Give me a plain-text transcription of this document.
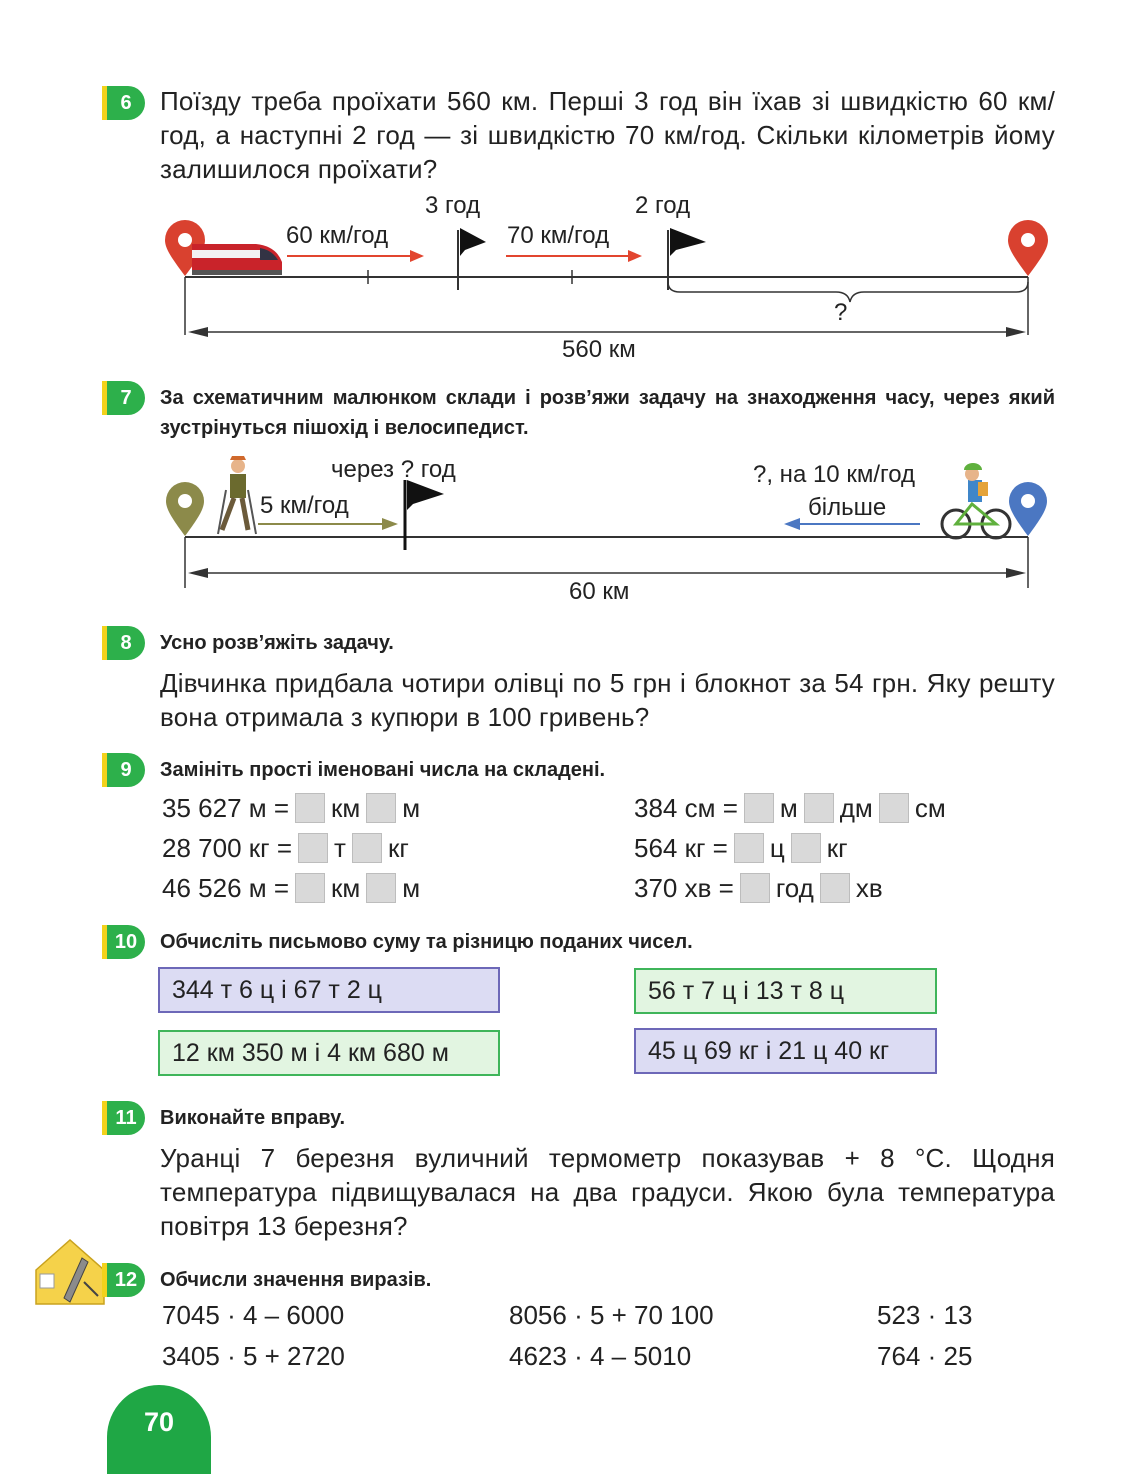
6	Поїзду треба проїхати 560 км. Перші 3 год він їхав зі швидкістю 60 км/год, а наступні 2 год — зі швидкістю 70 км/год. Скільки кілометрів йому залишилося проїхати?
3 год	2 год
60 км/год	70 км/год
?
560 км
7	За схематичним малюнком склади і розв’яжи задачу на знаходження часу, через який зустрінуться пішохід і велосипедист.
через ? год
5 км/год
?, на 10 км/год
більше
60 км
8	Усно розв’яжіть задачу.
Дівчинка придбала чотири олівці по 5 грн і блокнот за 54 грн. Яку решту вона отримала з купюри в 100 гривень?
9	Замініть прості іменовані числа на складені.
35 627 м = км м
28 700 кг = т кг
46 526 м = км м
384 см = м дм см
564 кг = ц кг
370 хв = год хв
10	Обчисліть письмово суму та різницю поданих чисел.
344 т 6 ц і 67 т 2 ц	56 т 7 ц і 13 т 8 ц
12 км 350 м і 4 км 680 м	45 ц 69 кг і 21 ц 40 кг
11	Виконайте вправу.
Уранці 7 березня вуличний термометр показував + 8 °С. Щодня температура підвищувалася на два градуси. Якою була температура повітря 13 березня?
12	Обчисли значення виразів.
7045 · 4 – 6000	8056 · 5 + 70 100	523 · 13
3405 · 5 + 2720	4623 · 4 – 5010	764 · 25
70
